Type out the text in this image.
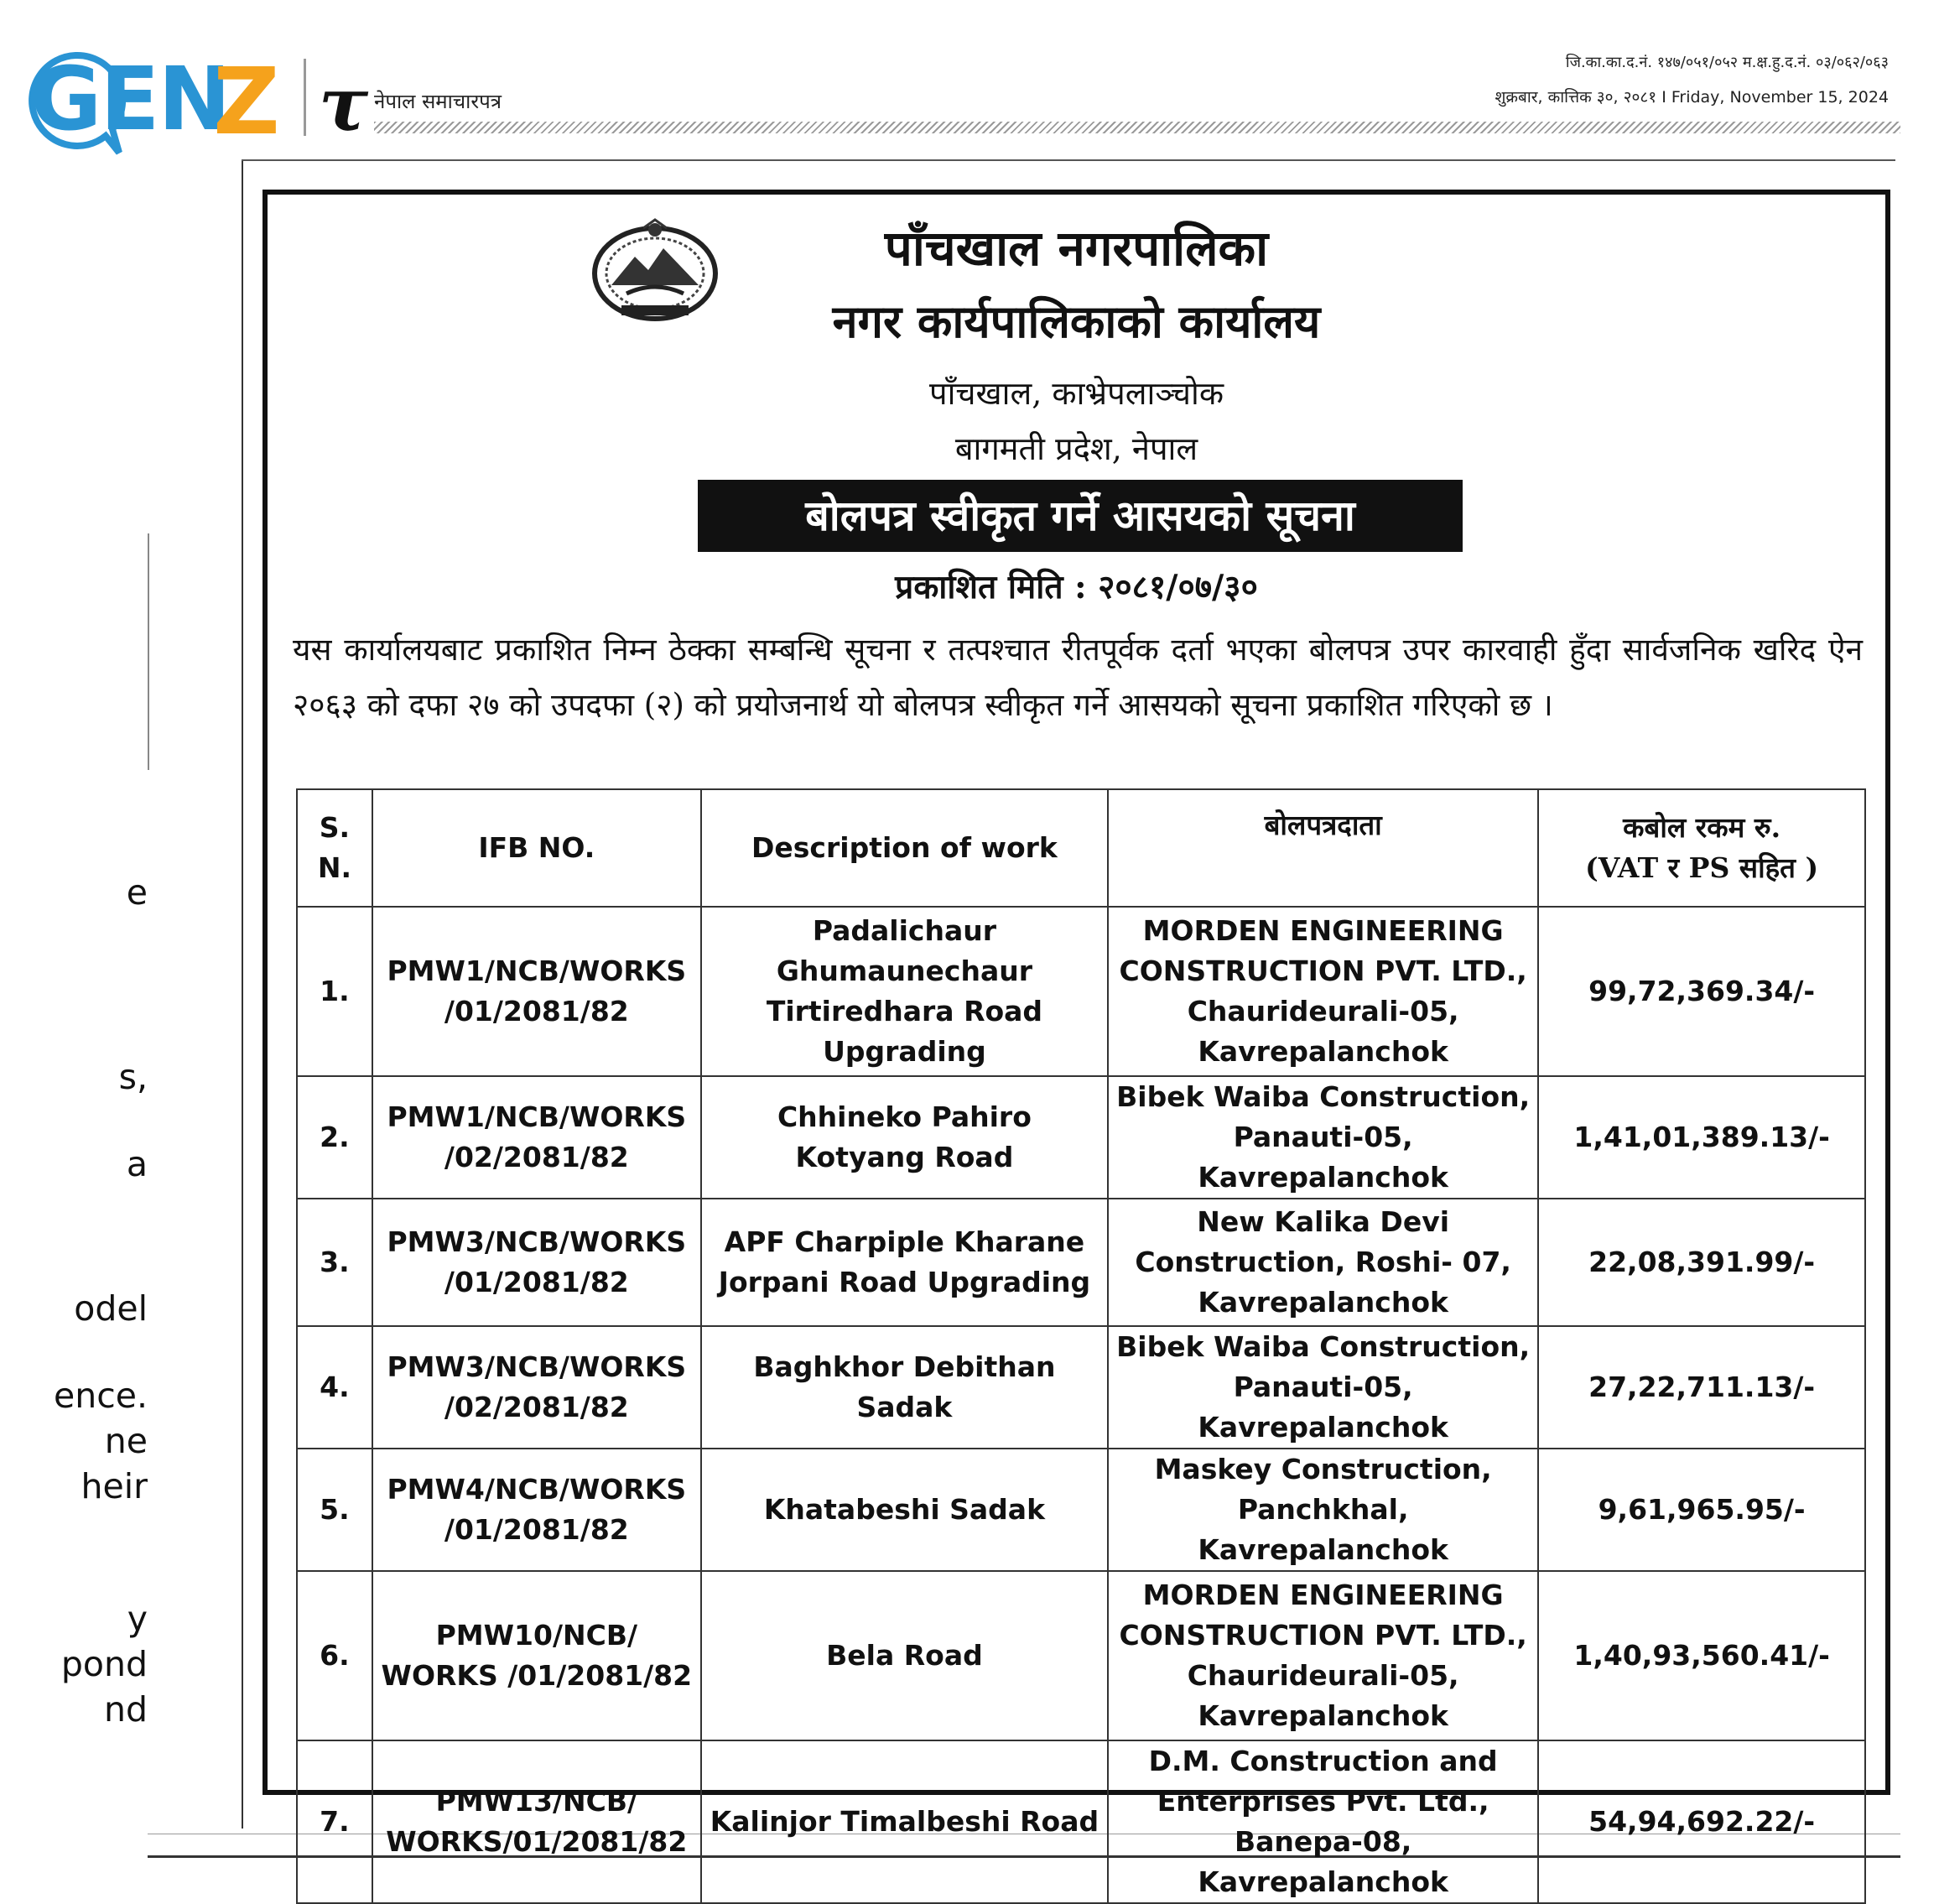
GEN
Z τ नेपाल समाचारपत्र
जि.का.का.द.नं. १४७/०५१/०५२ म.क्ष.हु.द.नं. ०३/०६२/०६३
शुक्रबार, कात्तिक ३०, २०८१ I Friday, November 15, 2024
e
s,
a
odel
ence.
ne
heir
y
pond
nd
पाँचखाल नगरपालिका
नगर कार्यपालिकाको कार्यालय
पाँचखाल, काभ्रेपलाञ्चोक
बागमती प्रदेश, नेपाल
बोलपत्र स्वीकृत गर्ने आसयको सूचना
प्रकाशित मिति : २०८१/०७/३०
यस कार्यालयबाट प्रकाशित निम्न ठेक्का सम्बन्धि सूचना र तत्पश्चात रीतपूर्वक दर्ता भएका बोलपत्र उपर कारवाही हुँदा सार्वजनिक खरिद ऐन २०६३ को दफा २७ को उपदफा (२) को प्रयोजनार्थ यो बोलपत्र स्वीकृत गर्ने आसयको सूचना प्रकाशित गरिएको छ ।
S. N.	IFB NO.	Description of work	बोलपत्रदाता	कबोल रकम रु.
(VAT र PS सहित )

1.	PMW1/NCB/WORKS /01/2081/82	Padalichaur Ghumaunechaur Tirtiredhara Road Upgrading	MORDEN ENGINEERING CONSTRUCTION PVT. LTD., Chaurideurali-05, Kavrepalanchok	99,72,369.34/-
2.	PMW1/NCB/WORKS /02/2081/82	Chhineko Pahiro Kotyang Road	Bibek Waiba Construction, Panauti-05, Kavrepalanchok	1,41,01,389.13/-
3.	PMW3/NCB/WORKS /01/2081/82	APF Charpiple Kharane Jorpani Road Upgrading	New Kalika Devi Construction, Roshi- 07, Kavrepalanchok	22,08,391.99/-
4.	PMW3/NCB/WORKS /02/2081/82	Baghkhor Debithan Sadak	Bibek Waiba Construction, Panauti-05, Kavrepalanchok	27,22,711.13/-
5.	PMW4/NCB/WORKS /01/2081/82	Khatabeshi Sadak	Maskey Construction, Panchkhal, Kavrepalanchok	9,61,965.95/-
6.	PMW10/NCB/ WORKS /01/2081/82	Bela Road	MORDEN ENGINEERING CONSTRUCTION PVT. LTD., Chaurideurali-05, Kavrepalanchok	1,40,93,560.41/-
7.	PMW13/NCB/ WORKS/01/2081/82	Kalinjor Timalbeshi Road	D.M. Construction and Enterprises Pvt. Ltd., Banepa-08, Kavrepalanchok	54,94,692.22/-
